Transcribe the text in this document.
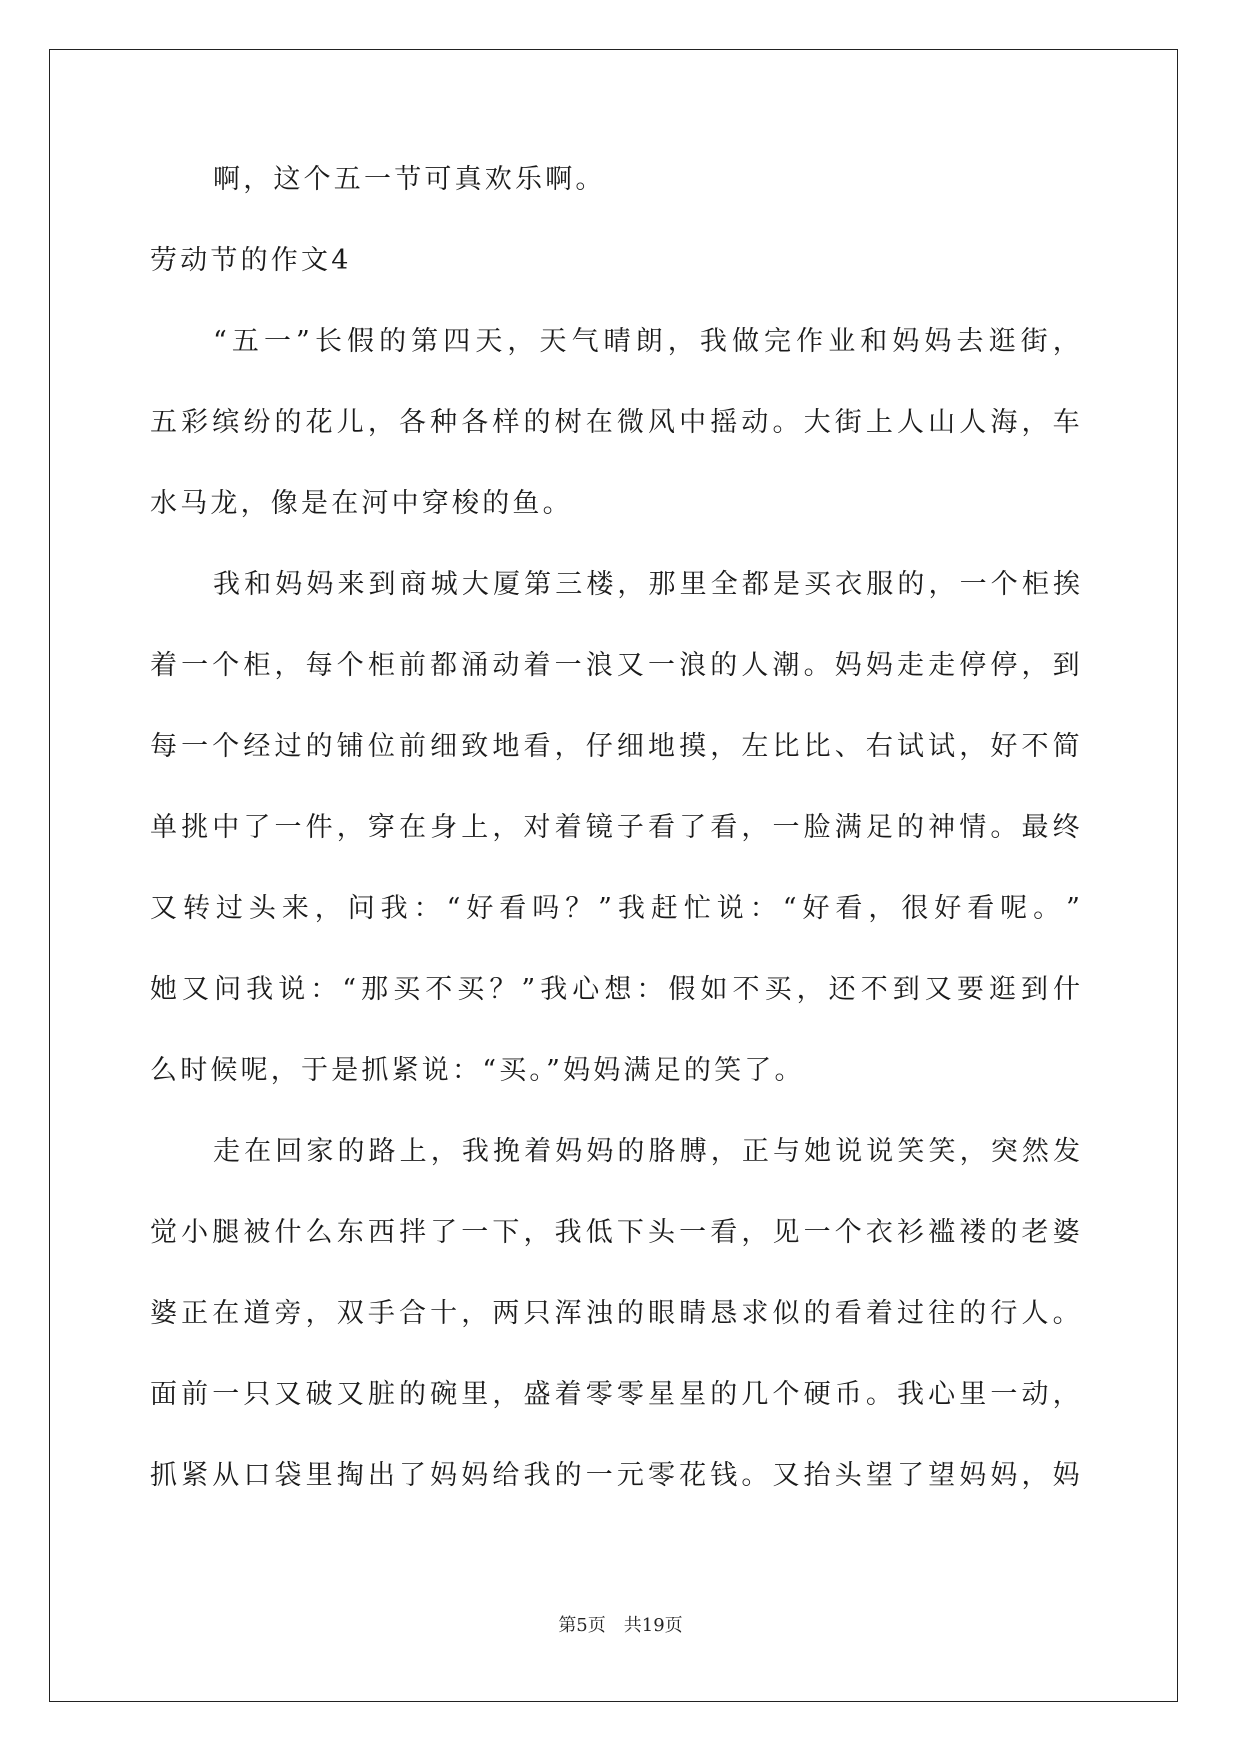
啊，这个五一节可真欢乐啊。
劳动节的作文4
“ 五 一 ” 长 假 的 第 四 天 ， 天 气 晴 朗 ， 我 做 完 作 业 和 妈 妈 去 逛 街 ，
五 彩 缤 纷 的 花 儿 ， 各 种 各 样 的 树 在 微 风 中 摇 动 。 大 街 上 人 山 人 海 ， 车
水马龙，像是在河中穿梭的鱼。
我 和 妈 妈 来 到 商 城 大 厦 第 三 楼 ， 那 里 全 都 是 买 衣 服 的 ， 一 个 柜 挨
着 一 个 柜 ， 每 个 柜 前 都 涌 动 着 一 浪 又 一 浪 的 人 潮 。 妈 妈 走 走 停 停 ， 到
每 一 个 经 过 的 铺 位 前 细 致 地 看 ， 仔 细 地 摸 ， 左 比 比 、 右 试 试 ， 好 不 简
单 挑 中 了 一 件 ， 穿 在 身 上 ， 对 着 镜 子 看 了 看 ， 一 脸 满 足 的 神 情 。 最 终
又 转 过 头 来 ， 问 我 ： “ 好 看 吗 ？ ” 我 赶 忙 说 ： “ 好 看 ， 很 好 看 呢 。 ”
她 又 问 我 说 ： “ 那 买 不 买 ？ ” 我 心 想 ： 假 如 不 买 ， 还 不 到 又 要 逛 到 什
么时候呢，于是抓紧说：“买。”妈妈满足的笑了。
走 在 回 家 的 路 上 ， 我 挽 着 妈 妈 的 胳 膊 ， 正 与 她 说 说 笑 笑 ， 突 然 发
觉 小 腿 被 什 么 东 西 拌 了 一 下 ， 我 低 下 头 一 看 ， 见 一 个 衣 衫 褴 褛 的 老 婆
婆 正 在 道 旁 ， 双 手 合 十 ， 两 只 浑 浊 的 眼 睛 恳 求 似 的 看 着 过 往 的 行 人 。
面 前 一 只 又 破 又 脏 的 碗 里 ， 盛 着 零 零 星 星 的 几 个 硬 币 。 我 心 里 一 动 ，
抓 紧 从 口 袋 里 掏 出 了 妈 妈 给 我 的 一 元 零 花 钱 。 又 抬 头 望 了 望 妈 妈 ， 妈
第5页　共19页
